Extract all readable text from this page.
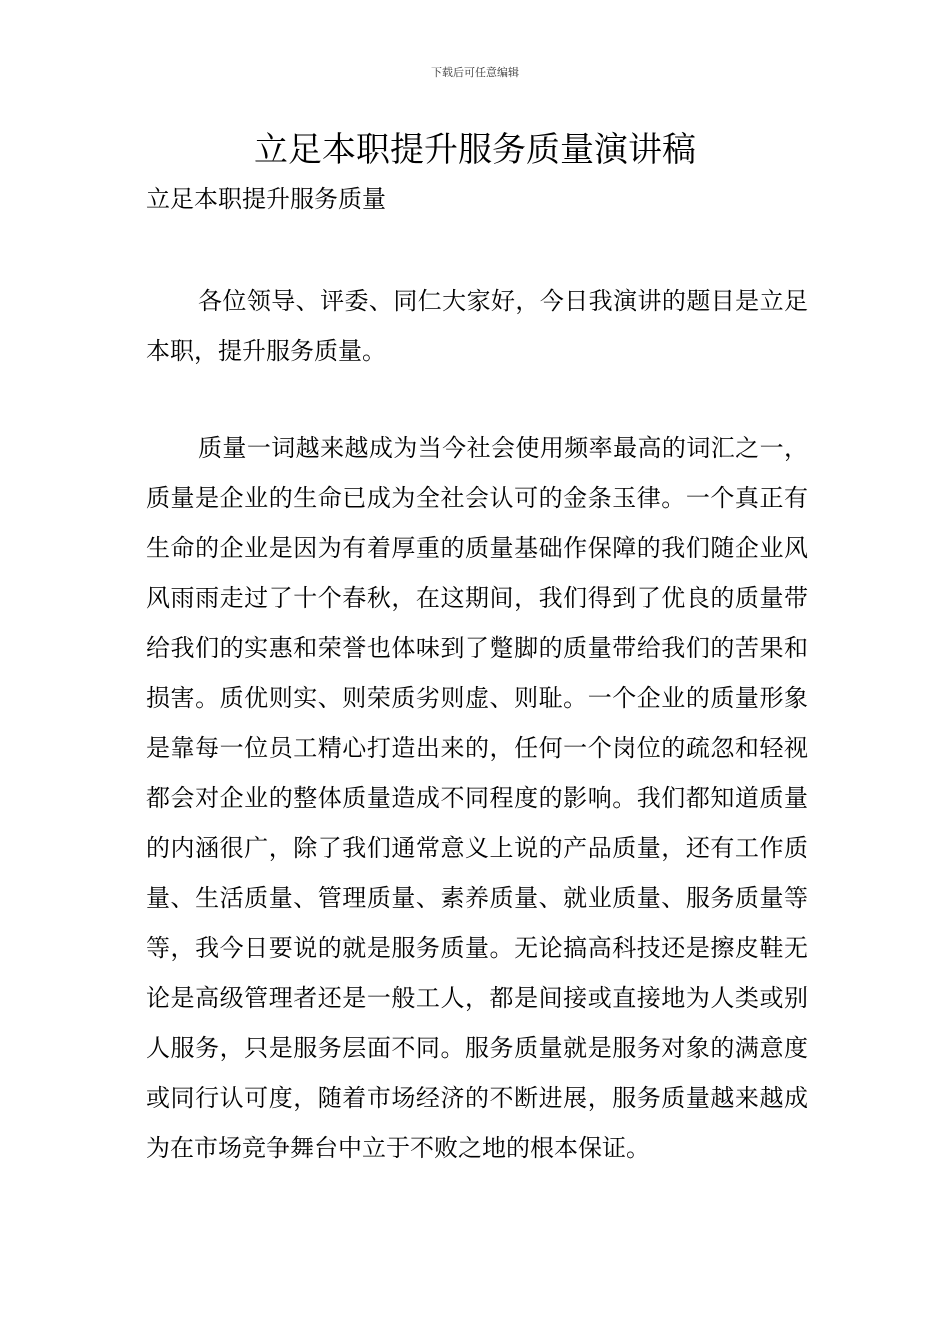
下载后可任意编辑
立足本职提升服务质量演讲稿

立足本职提升服务质量

各位领导、评委、同仁大家好，今日我演讲的题目是立足本职，提升服务质量。

质量一词越来越成为当今社会使用频率最高的词汇之一，质量是企业的生命已成为全社会认可的金条玉律。一个真正有生命的企业是因为有着厚重的质量基础作保障的我们随企业风风雨雨走过了十个春秋，在这期间，我们得到了优良的质量带给我们的实惠和荣誉也体味到了蹩脚的质量带给我们的苦果和损害。质优则实、则荣质劣则虚、则耻。一个企业的质量形象是靠每一位员工精心打造出来的，任何一个岗位的疏忽和轻视都会对企业的整体质量造成不同程度的影响。我们都知道质量的内涵很广，除了我们通常意义上说的产品质量，还有工作质量、生活质量、管理质量、素养质量、就业质量、服务质量等等，我今日要说的就是服务质量。无论搞高科技还是擦皮鞋无论是高级管理者还是一般工人，都是间接或直接地为人类或别人服务，只是服务层面不同。服务质量就是服务对象的满意度或同行认可度，随着市场经济的不断进展，服务质量越来越成为在市场竞争舞台中立于不败之地的根本保证。
